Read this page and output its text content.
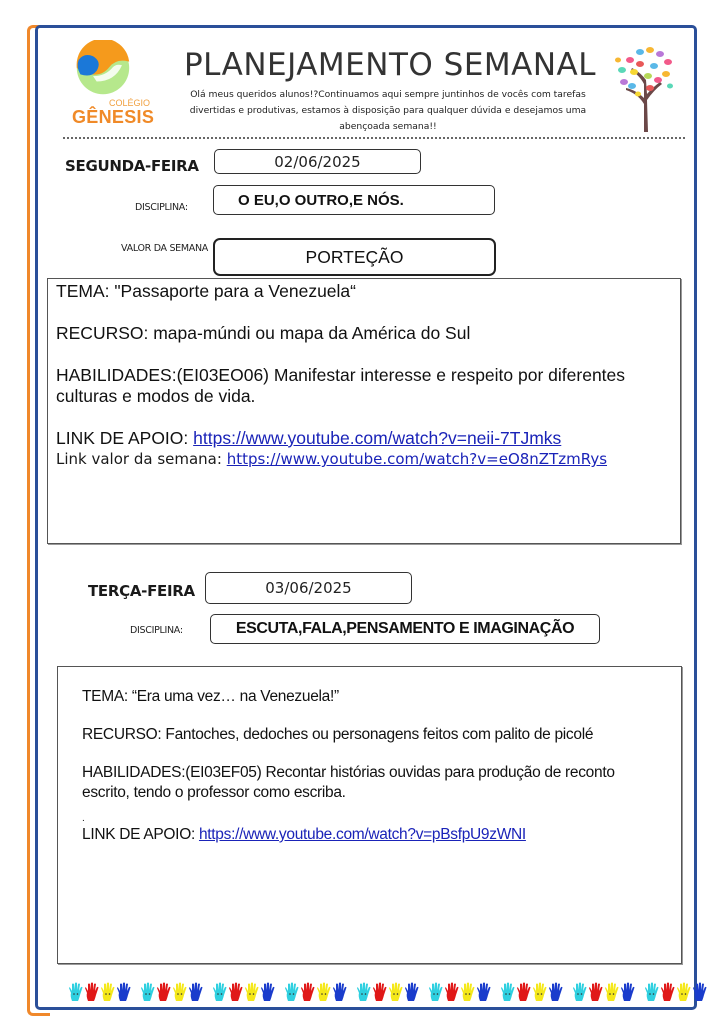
COLÉGIO
GÊNESIS
PLANEJAMENTO SEMANAL
Olá meus queridos alunos!?Continuamos aqui sempre juntinhos de vocês com tarefas divertidas e produtivas, estamos à disposição para qualquer dúvida e desejamos uma abençoada semana!!
SEGUNDA-FEIRA	02/06/2025
DISCIPLINA:	O EU,O OUTRO,E NÓS.
VALOR DA SEMANA	PORTEÇÃO
TEMA: "Passaporte para a Venezuela“
RECURSO: mapa-múndi ou mapa da América do Sul
HABILIDADES:(EI03EO06) Manifestar interesse e respeito por diferentes culturas e modos de vida.
LINK DE APOIO: https://www.youtube.com/watch?v=neii-7TJmks
Link valor da semana: https://www.youtube.com/watch?v=eO8nZTzmRys
TERÇA-FEIRA	03/06/2025
DISCIPLINA:	ESCUTA,FALA,PENSAMENTO E IMAGINAÇÃO
TEMA: “Era uma vez… na Venezuela!”
RECURSO: Fantoches, dedoches ou personagens feitos com palito de picolé
HABILIDADES:(EI03EF05) Recontar histórias ouvidas para produção de reconto escrito, tendo o professor como escriba.
.
LINK DE APOIO: https://www.youtube.com/watch?v=pBsfpU9zWNI
